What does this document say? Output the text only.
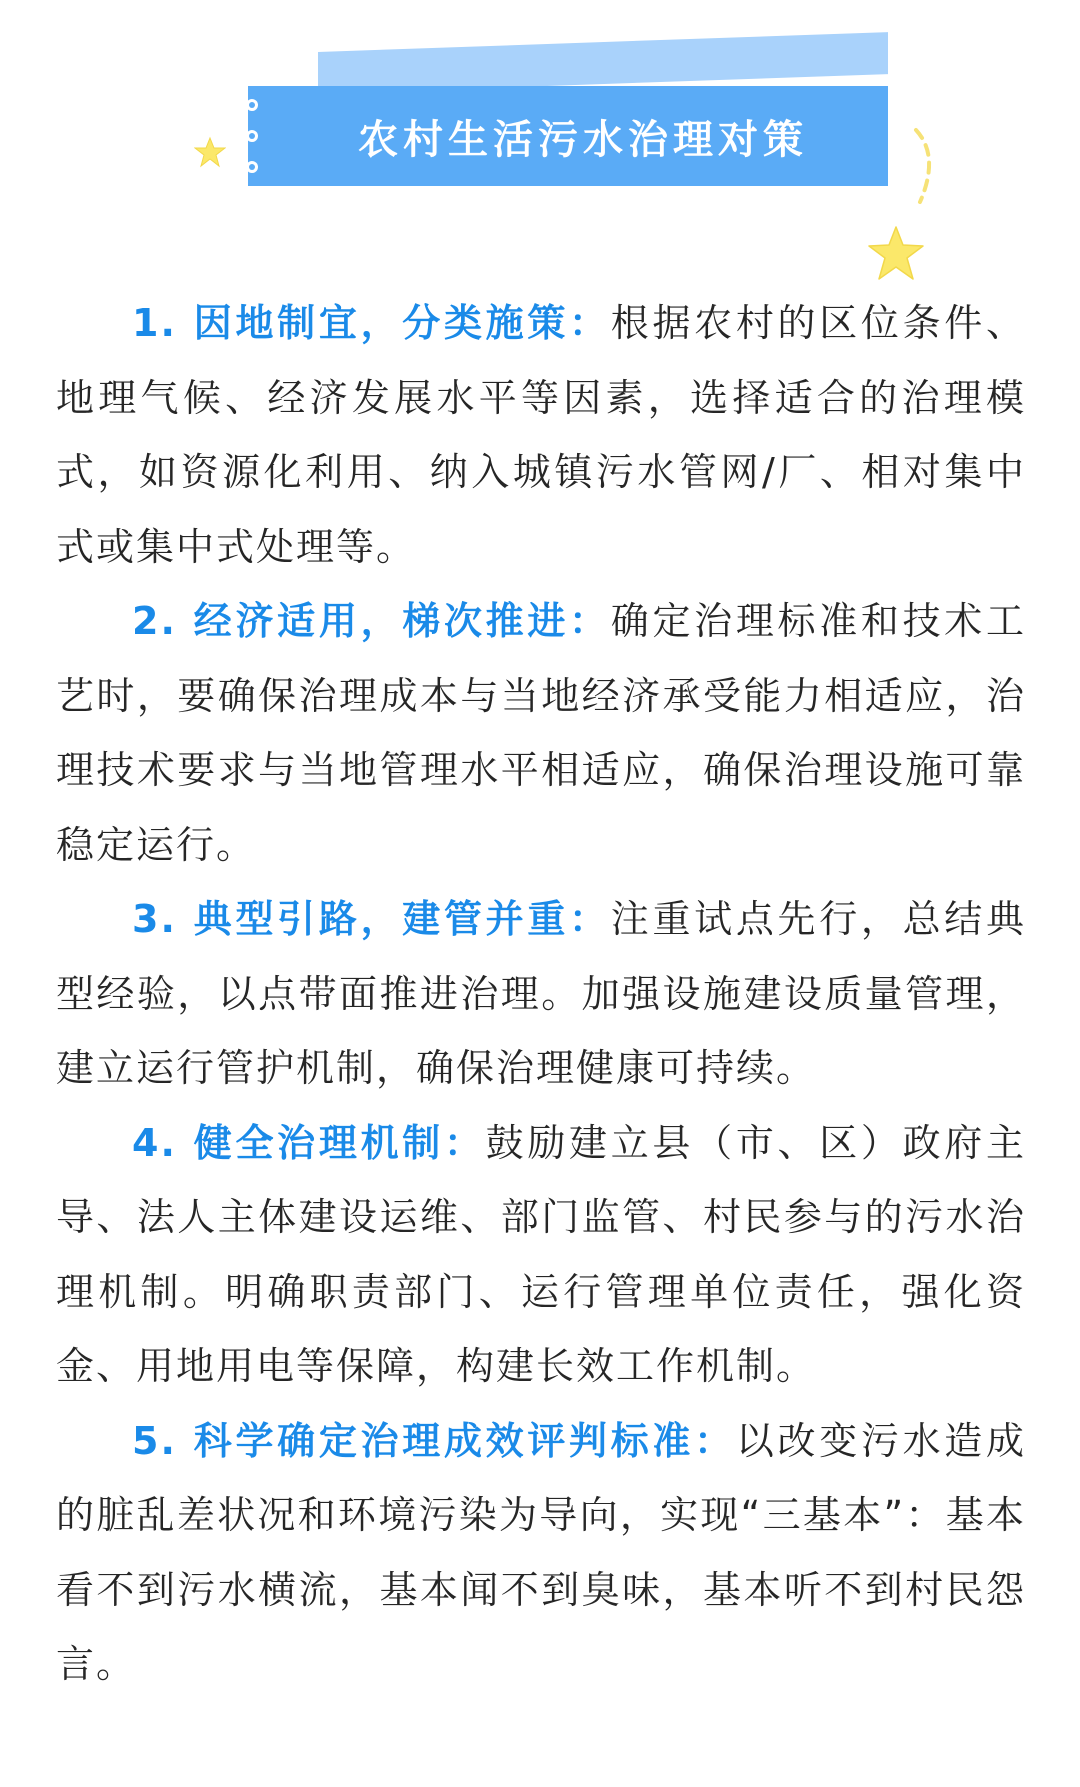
农村生活污水治理对策

1. 因地制宜，分类施策：根据农村的区位条件、地理气候、经济发展水平等因素，选择适合的治理模式，如资源化利用、纳入城镇污水管网/厂、相对集中式或集中式处理等。

2. 经济适用，梯次推进：确定治理标准和技术工艺时，要确保治理成本与当地经济承受能力相适应，治理技术要求与当地管理水平相适应，确保治理设施可靠稳定运行。

3. 典型引路，建管并重：注重试点先行，总结典型经验，以点带面推进治理。加强设施建设质量管理，建立运行管护机制，确保治理健康可持续。

4. 健全治理机制：鼓励建立县（市、区）政府主导、法人主体建设运维、部门监管、村民参与的污水治理机制。明确职责部门、运行管理单位责任，强化资金、用地用电等保障，构建长效工作机制。

5. 科学确定治理成效评判标准：以改变污水造成的脏乱差状况和环境污染为导向，实现“三基本”：基本看不到污水横流，基本闻不到臭味，基本听不到村民怨言。
